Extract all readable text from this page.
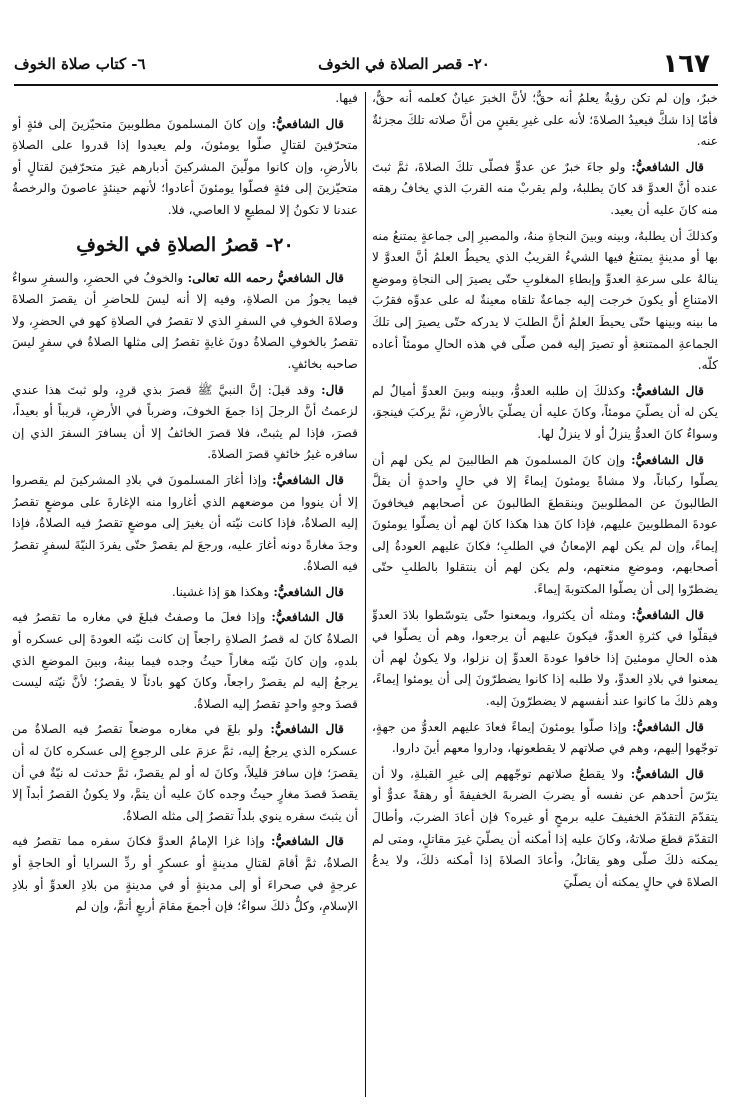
١٦٧
٢٠- قصر الصلاة في الخوف
٦- كتاب صلاة الخوف

خبرٌ، وإن لم تكن رؤيةٌ يعلمُ أنه حقٌّ؛ لأنَّ الخبرَ عيانٌ كعلمه أنه حقٌّ، فأمّا إذا شكَّ فيعيدُ الصلاةَ؛ لأنه على غيرِ يقينٍ من أنَّ صلاته تلكَ مجزئةٌ عنه.

قال الشافعيُّ: ولو جاءَ خبرٌ عن عدوٍّ فصلّى تلكَ الصلاةَ، ثمَّ ثبتَ عنده أنَّ العدوَّ قد كانَ يطلبهُ، ولم يقربْ منه القربَ الذي يخافُ رهقه منه كانَ عليه أن يعيد.

وكذلكَ أن يطلبهُ، وبينه وبينَ النجاةِ منهُ، والمصيرِ إلى جماعةٍ يمتنعُ منه بها أو مدينةٍ يمتنعُ فيها الشيءُ القريبُ الذي يحيطُ العلمُ أنَّ العدوَّ لا ينالهُ على سرعةِ العدوِّ وإبطاءِ المغلوبِ حتّى يصيرَ إلى النجاةِ وموضعِ الامتناعِ أو يكونَ خرجت إليه جماعةٌ تلقاه معينةٌ له على عدوِّه فقرُبَ ما بينه وبينها حتّى يحيطَ العلمُ أنَّ الطلبَ لا يدركه حتّى يصيرَ إلى تلكَ الجماعةِ الممتنعةِ أو تصيرَ إليه فمن صلّى في هذه الحالِ مومئاً أعاده كلّه.

قال الشافعيُّ: وكذلكَ إن طلبه العدوُّ، وبينه وبينَ العدوِّ أميالٌ لم يكن له أن يصلّيَ مومئاً، وكانَ عليه أن يصلّيَ بالأرضِ، ثمَّ يركبَ فينجوَ، وسواءٌ كانَ العدوُّ ينزلُ أو لا ينزلُ لها.

قال الشافعيُّ: وإن كانَ المسلمونَ هم الطالبينَ لم يكن لهم أن يصلّوا ركباناً، ولا مشاةً يومئونَ إيماءً إلا في حالٍ واحدةٍ أن يقلَّ الطالبونَ عن المطلوبينَ وينقطعَ الطالبونَ عن أصحابهم فيخافونَ عودةَ المطلوبينَ عليهم، فإذا كانَ هذا هكذا كانَ لهم أن يصلّوا يومئونَ إيماءً، وإن لم يكن لهم الإمعانُ في الطلبِ؛ فكانَ عليهم العودةُ إلى أصحابهم، وموضعِ منعتهم، ولم يكن لهم أن ينتقلوا بالطلبِ حتّى يضطرّوا إلى أن يصلّوا المكتوبةَ إيماءً.

قال الشافعيُّ: ومثله أن يكثروا، ويمعنوا حتّى يتوسّطوا بلادَ العدوِّ فيقلّوا في كثرةِ العدوِّ، فيكونَ عليهم أن يرجعوا، وهم أن يصلّوا في هذه الحالِ مومئينَ إذا خافوا عودةَ العدوِّ إن نزلوا، ولا يكونُ لهم أن يمعنوا في بلادِ العدوِّ، ولا طلبه إذا كانوا يضطرّونَ إلى أن يومئوا إيماءً، وهم ذلكَ ما كانوا عند أنفسهم لا يضطرّونَ إليه.

قال الشافعيُّ: وإذا صلّوا يومئونَ إيماءً فعادَ عليهم العدوُّ من جهةٍ، توجّهوا إليهم، وهم في صلاتهم لا يقطعونها، وداروا معهم أينَ داروا.

قال الشافعيُّ: ولا يقطعُ صلاتهم توجّههم إلى غيرِ القبلةِ، ولا أن يترّسَ أحدهم عن نفسه أو يضربَ الضربةَ الخفيفةَ أو رهقةً عدوٌّ أو يتقدّمَ التقدّمَ الخفيفَ عليه برمحٍ أو غيره؟ فإن أعادَ الضربَ، وأطالَ التقدّمَ قطعَ صلاتهُ، وكانَ عليه إذا أمكنه أن يصلّيَ غيرَ مقاتلٍ، ومتى لم يمكنه ذلكَ صلّى وهو يقاتلُ، وأعادَ الصلاةَ إذا أمكنه ذلكَ، ولا يدعُ الصلاةَ في حالٍ يمكنه أن يصلّيَ

فيها.

قال الشافعيُّ: وإن كانَ المسلمونَ مطلوبينَ متحيّزينَ إلى فئةٍ أو متحرّفينَ لقتالٍ صلّوا يومئونَ، ولم يعيدوا إذا قدروا على الصلاةِ بالأرضِ، وإن كانوا مولّينَ المشركينَ أدبارهم غيرَ متحرّفينَ لقتالٍ أو متحيّزينَ إلى فئةٍ فصلّوا يومئونَ أعادوا؛ لأنهم حينئذٍ عاصونَ والرخصةُ عندنا لا تكونُ إلا لمطيعٍ لا العاصي، فلا.

٢٠- قصرُ الصلاةِ في الخوفِ

قال الشافعيُّ رحمه الله تعالى: والخوفُ في الحضرِ، والسفرِ سواءٌ فيما يجوزُ من الصلاةِ، وفيه إلا أنه ليسَ للحاضرِ أن يقصرَ الصلاةَ وصلاةَ الخوفِ في السفرِ الذي لا تقصرُ في الصلاةِ كهو في الحضرِ، ولا تقصرُ بالخوفِ الصلاةُ دونَ غايةٍ تقصرُ إلى مثلها الصلاةُ في سفرٍ ليسَ صاحبه بخائفٍ.

قال: وقد قيلَ: إنَّ النبيَّ ﷺ قصرَ بذي قردٍ، ولو ثبتَ هذا عندي لزعمتُ أنَّ الرجلَ إذا جمعَ الخوفَ، وضرباً في الأرضِ، قريباً أو بعيداً، قصرَ، فإذا لم يثبتْ، فلا قصرَ الخائفُ إلا أن يسافرَ السفرَ الذي إن سافره غيرُ خائفٍ قصرَ الصلاةَ.

قال الشافعيُّ: وإذا أغارَ المسلمونَ في بلادِ المشركينَ لم يقصروا إلا أن ينووا من موضعهم الذي أغاروا منه الإغارةَ على موضعٍ تقصرُ إليه الصلاةُ، فإذا كانت نيّته أن يغيرَ إلى موضعٍ تقصرُ فيه الصلاةُ، فإذا وجدَ مغارةً دونه أغارَ عليه، ورجعَ لم يقصرْ حتّى يفردَ النيّةَ لسفرٍ تقصرُ فيه الصلاةُ.

قال الشافعيُّ: وهكذا هوَ إذا غشينا.

قال الشافعيُّ: وإذا فعلَ ما وصفتُ فبلغَ في مغاره ما تقصرُ فيه الصلاةُ كانَ له قصرُ الصلاةِ راجعاً إن كانت نيّته العودةَ إلى عسكره أو بلدهِ، وإن كانَ نيّته مغاراً حيثُ وجده فيما بينهُ، وبينَ الموضعِ الذي يرجعُ إليه لم يقصرْ راجعاً، وكانَ كهو بادئاً لا يقصرُ؛ لأنَّ نيّته ليست قصدَ وجهٍ واحدٍ تقصرُ إليه الصلاةُ.

قال الشافعيُّ: ولو بلغَ في مغاره موضعاً تقصرُ فيه الصلاةُ من عسكره الذي يرجعُ إليه، ثمَّ عزمَ على الرجوعِ إلى عسكره كانَ له أن يقصرَ؛ فإن سافرَ قليلاً، وكانَ له أو لم يقصرْ، ثمَّ حدثت له نيّةٌ في أن يقصدَ قصدَ مغارٍ حيثُ وجده كانَ عليه أن يتمَّ، ولا يكونُ القصرُ أبداً إلا أن يثبتَ سفره ينوي بلداً تقصرُ إلى مثله الصلاةُ.

قال الشافعيُّ: وإذا غزا الإمامُ العدوَّ فكانَ سفره مما تقصرُ فيه الصلاةُ، ثمَّ أقامَ لقتالِ مدينةٍ أو عسكرٍ أو ردِّ السرايا أو الحاجةِ أو عرجةٍ في صحراءَ أو إلى مدينةٍ أو في مدينةٍ من بلادِ العدوِّ أو بلادِ الإسلامِ، وكلُّ ذلكَ سواءٌ؛ فإن أجمعَ مقامَ أربعٍ أتمَّ، وإن لم
